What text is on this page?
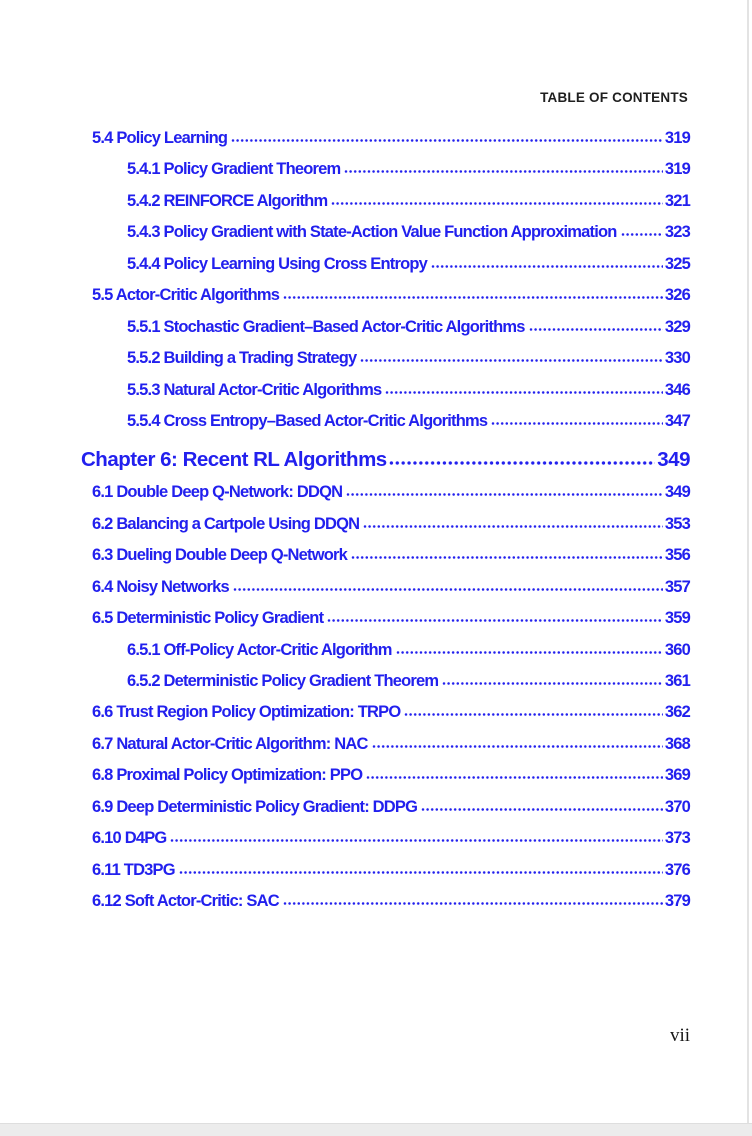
TABLE OF CONTENTS
5.4 Policy Learning	319
5.4.1 Policy Gradient Theorem	319
5.4.2 REINFORCE Algorithm	321
5.4.3 Policy Gradient with State-Action Value Function Approximation	323
5.4.4 Policy Learning Using Cross Entropy	325
5.5 Actor-Critic Algorithms	326
5.5.1 Stochastic Gradient–Based Actor-Critic Algorithms	329
5.5.2 Building a Trading Strategy	330
5.5.3 Natural Actor-Critic Algorithms	346
5.5.4 Cross Entropy–Based Actor-Critic Algorithms	347
Chapter 6: Recent RL Algorithms	349
6.1 Double Deep Q-Network: DDQN	349
6.2 Balancing a Cartpole Using DDQN	353
6.3 Dueling Double Deep Q-Network	356
6.4 Noisy Networks	357
6.5 Deterministic Policy Gradient	359
6.5.1 Off-Policy Actor-Critic Algorithm	360
6.5.2 Deterministic Policy Gradient Theorem	361
6.6 Trust Region Policy Optimization: TRPO	362
6.7 Natural Actor-Critic Algorithm: NAC	368
6.8 Proximal Policy Optimization: PPO	369
6.9 Deep Deterministic Policy Gradient: DDPG	370
6.10 D4PG	373
6.11 TD3PG	376
6.12 Soft Actor-Critic: SAC	379
vii
